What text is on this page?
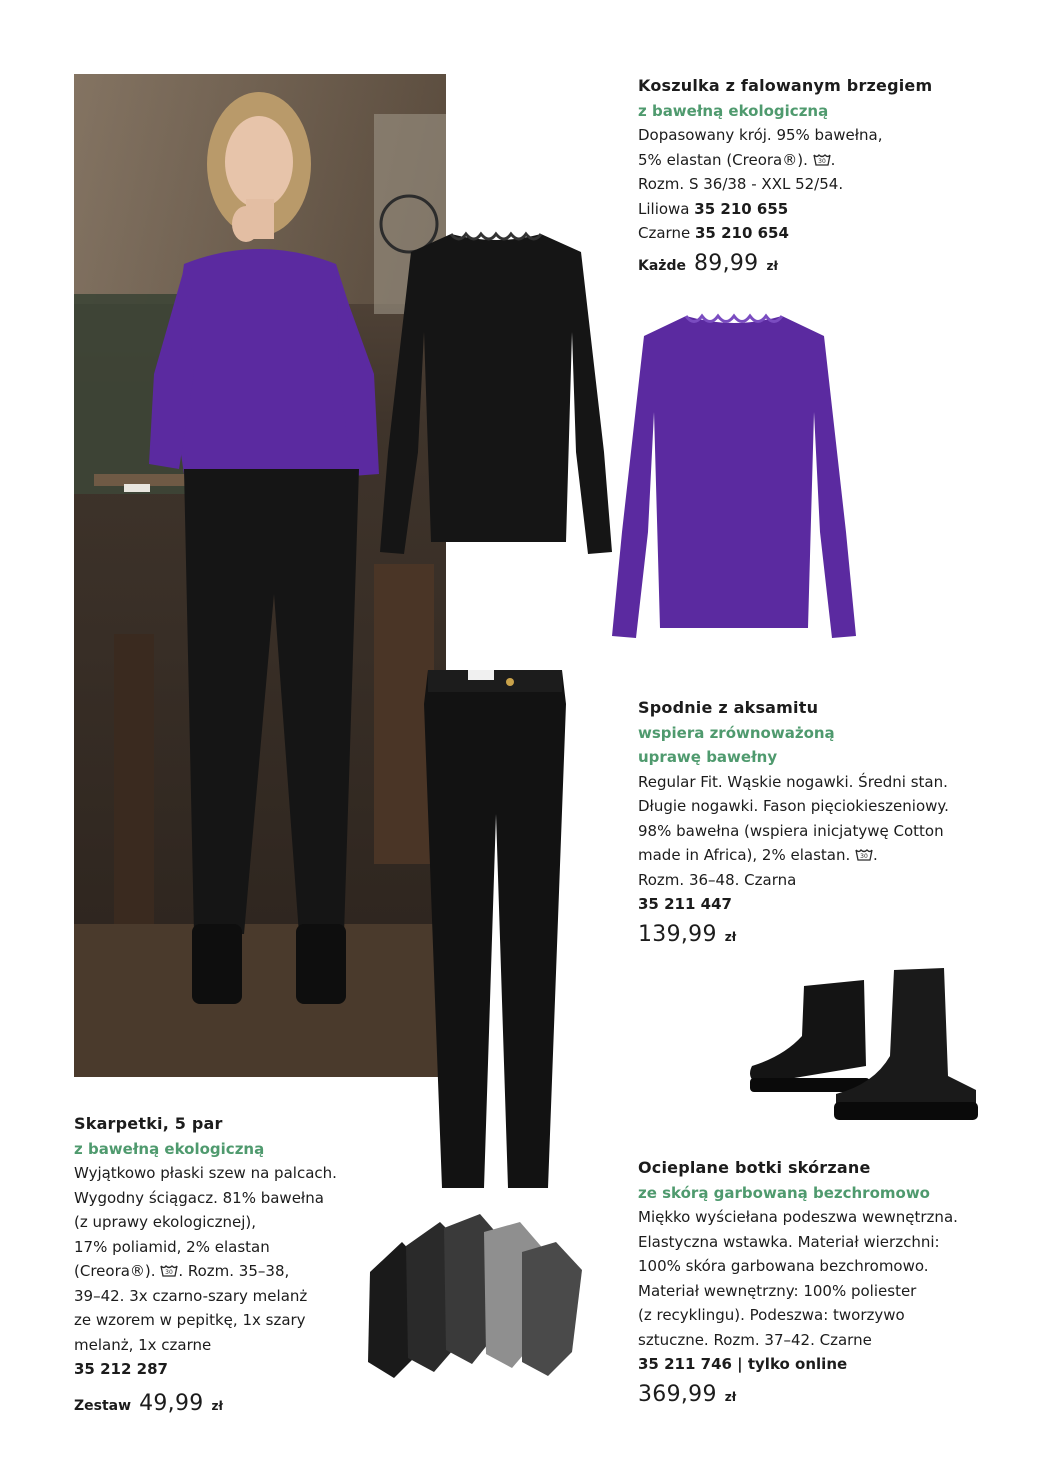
Koszulka z falowanym brzegiem
z bawełną ekologiczną
Dopasowany krój. 95% bawełna,
5% elastan (Creora®). 30 .
Rozm. S 36/38 - XXL 52/54.
Liliowa 35 210 655
Czarne 35 210 654
Każde 89,99 zł
Spodnie z aksamitu
wspiera zrównoważoną
uprawę bawełny
Regular Fit. Wąskie nogawki. Średni stan.
Długie nogawki. Fason pięciokieszeniowy.
98% bawełna (wspiera inicjatywę Cotton
made in Africa), 2% elastan. 30 .
Rozm. 36–48. Czarna
35 211 447
139,99 zł
Skarpetki, 5 par
z bawełną ekologiczną
Wyjątkowo płaski szew na palcach.
Wygodny ściągacz. 81% bawełna
(z uprawy ekologicznej),
17% poliamid, 2% elastan
(Creora®). 30 . Rozm. 35–38,
39–42. 3x czarno-szary melanż
ze wzorem w pepitkę, 1x szary
melanż, 1x czarne
35 212 287
Zestaw 49,99 zł
Ocieplane botki skórzane
ze skórą garbowaną bezchromowo
Miękko wyściełana podeszwa wewnętrzna.
Elastyczna wstawka. Materiał wierzchni:
100% skóra garbowana bezchromowo.
Materiał wewnętrzny: 100% poliester
(z recyklingu). Podeszwa: tworzywo
sztuczne. Rozm. 37–42. Czarne
35 211 746 | tylko online
369,99 zł
